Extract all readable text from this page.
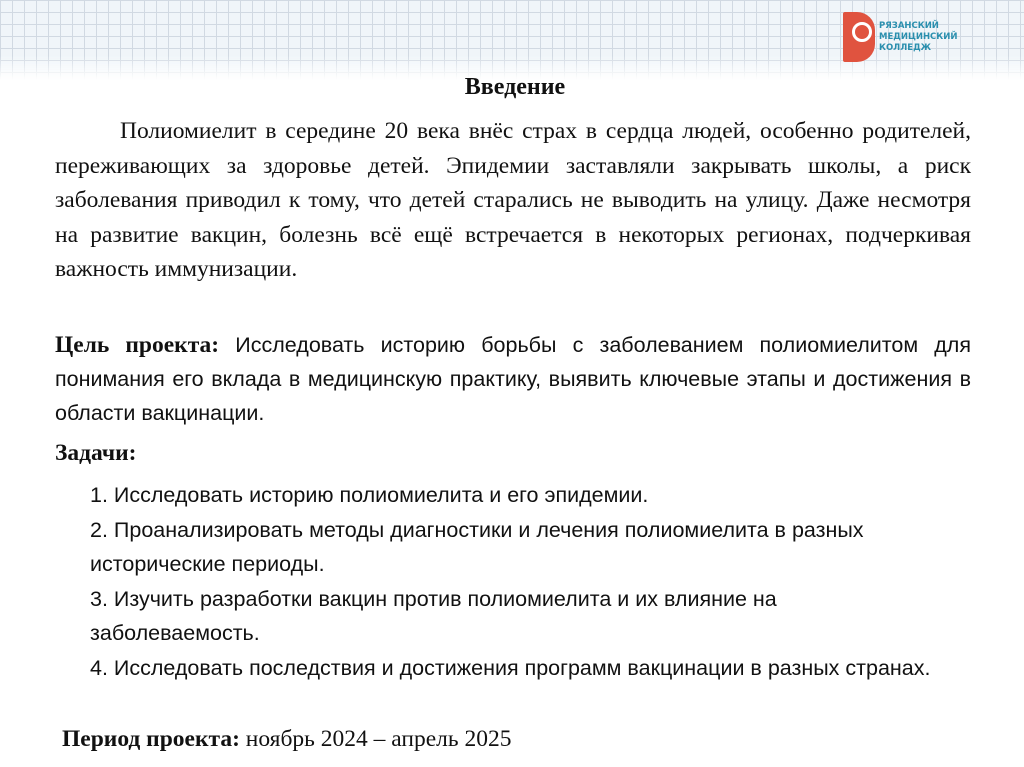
РЯЗАНСКИЙ
МЕДИЦИНСКИЙ
КОЛЛЕДЖ
Введение

Полиомиелит в середине 20 века внёс страх в сердца людей, особенно родителей, переживающих за здоровье детей. Эпидемии заставляли закрывать школы, а риск заболевания приводил к тому, что детей старались не выводить на улицу. Даже несмотря на развитие вакцин, болезнь всё ещё встречается в некоторых регионах, подчеркивая важность иммунизации.

Цель проекта: Исследовать историю борьбы с заболеванием полиомиелитом для понимания его вклада в медицинскую практику, выявить ключевые этапы и достижения в области вакцинации.

Задачи:
1. Исследовать историю полиомиелита и его эпидемии.
2. Проанализировать методы диагностики и лечения полиомиелита в разных исторические периоды.
3. Изучить разработки вакцин против полиомиелита и их влияние на заболеваемость.
4. Исследовать последствия и достижения программ вакцинации в разных странах.
Период проекта: ноябрь 2024 – апрель 2025
